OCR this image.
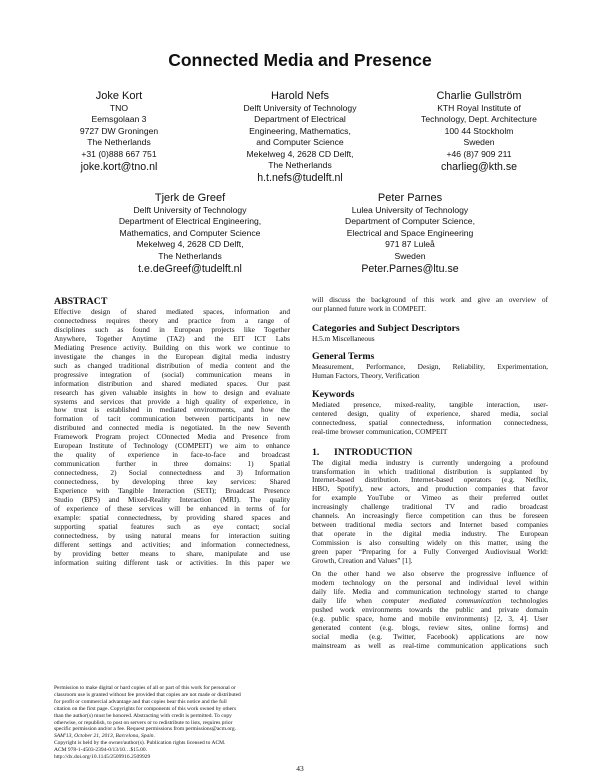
Connected Media and Presence
Joke Kort
TNO
Eemsgolaan 3
9727 DW Groningen
The Netherlands
+31 (0)888 667 751
joke.kort@tno.nl
Harold Nefs
Delft University of Technology
Department of Electrical
Engineering, Mathematics,
and Computer Science
Mekelweg 4, 2628 CD Delft,
The Netherlands
h.t.nefs@tudelft.nl
Charlie Gullström
KTH Royal Institute of
Technology, Dept. Architecture
100 44 Stockholm
Sweden
+46 (8)7 909 211
charlieg@kth.se
Tjerk de Greef
Delft University of Technology
Department of Electrical Engineering,
Mathematics, and Computer Science
Mekelweg 4, 2628 CD Delft,
The Netherlands
t.e.deGreef@tudelft.nl
Peter Parnes
Lulea University of Technology
Department of Computer Science,
Electrical and Space Engineering
971 87 Luleå
Sweden
Peter.Parnes@ltu.se
ABSTRACT
Effective design of shared mediated spaces, information and
connectedness requires theory and practice from a range of
disciplines such as found in European projects like Together
Anywhere, Together Anytime (TA2) and the EIT ICT Labs
Mediating Presence activity. Building on this work we continue to
investigate the changes in the European digital media industry
such as changed traditional distribution of media content and the
progressive integration of (social) communication means in
information distribution and shared mediated spaces. Our past
research has given valuable insights in how to design and evaluate
systems and services that provide a high quality of experience, in
how trust is established in mediated environments, and how the
formation of tacit communication between participants in new
distributed and connected media is negotiated. In the new Seventh
Framework Program project COnnected Media and Presence from
European Institute of Technology (COMPEIT) we aim to enhance
the quality of experience in face-to-face and broadcast
communication further in three domains: 1) Spatial
connectedness, 2) Social connectedness and 3) Information
connectedness, by developing three key services: Shared
Experience with Tangible Interaction (SETI); Broadcast Presence
Studio (BPS) and Mixed-Reality Interaction (MRI). The quality
of experience of these services will be enhanced in terms of for
example: spatial connectedness, by providing shared spaces and
supporting spatial features such as eye contact; social
connectedness, by using natural means for interaction suiting
different settings and activities; and information connectedness,
by providing better means to share, manipulate and use
information suiting different task or activities. In this paper we
Permission to make digital or hard copies of all or part of this work for personal or
classroom use is granted without fee provided that copies are not made or distributed
for profit or commercial advantage and that copies bear this notice and the full
citation on the first page. Copyrights for components of this work owned by others
than the author(s) must be honored. Abstracting with credit is permitted. To copy
otherwise, or republish, to post on servers or to redistribute to lists, requires prior
specific permission and/or a fee. Request permissions from permissions@acm.org.
SAM'13, October 21, 2013, Barcelona, Spain.
Copyright is held by the owner/author(s). Publication rights licensed to ACM.
ACM 978-1-4503-2394-0/13/10…$15.00.
http://dx.doi.org/10.1145/2509916.2509929
will discuss the background of this work and give an overview of
our planned future work in COMPEIT.
Categories and Subject Descriptors

H.5.m Miscellaneous

General Terms
Measurement, Performance, Design, Reliability, Experimentation,
Human Factors, Theory, Verification
Keywords
Mediated presence, mixed-reality, tangible interaction, user-
centered design, quality of experience, shared media, social
connectedness, spatial connectedness, information connectedness,
real-time browser communication, COMPEIT
1. INTRODUCTION
The digital media industry is currently undergoing a profound
transformation in which traditional distribution is supplanted by
Internet-based distribution. Internet-based operators (e.g. Netflix,
HBO, Spotify), new actors, and production companies that favor
for example YouTube or Vimeo as their preferred outlet
increasingly challenge traditional TV and radio broadcast
channels. An increasingly fierce competition can thus be foreseen
between traditional media sectors and Internet based companies
that operate in the digital media industry. The European
Commission is also consulting widely on this matter, using the
green paper “Preparing for a Fully Converged Audiovisual World:
Growth, Creation and Values” [1].
On the other hand we also observe the progressive influence of
modern technology on the personal and individual level within
daily life. Media and communication technology started to change
daily life when computer mediated communication technologies
pushed work environments towards the public and private domain
(e.g. public space, home and mobile environments) [2, 3, 4]. User
generated content (e.g. blogs, review sites, online forms) and
social media (e.g. Twitter, Facebook) applications are now
mainstream as well as real-time communication applications such
43
